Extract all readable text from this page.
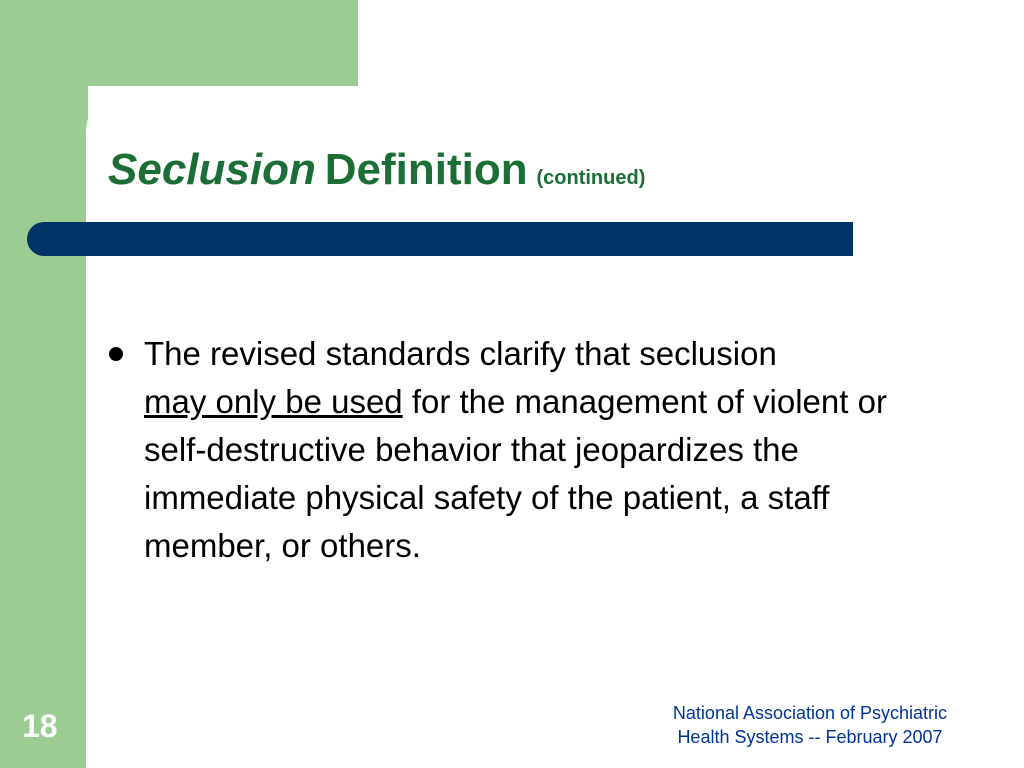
Seclusion Definition (continued)

The revised standards clarify that seclusion
may only be used for the management of violent or self-destructive behavior that jeopardizes the immediate physical safety of the patient, a staff member, or others.

18	National Association of Psychiatric
Health Systems -- February 2007
